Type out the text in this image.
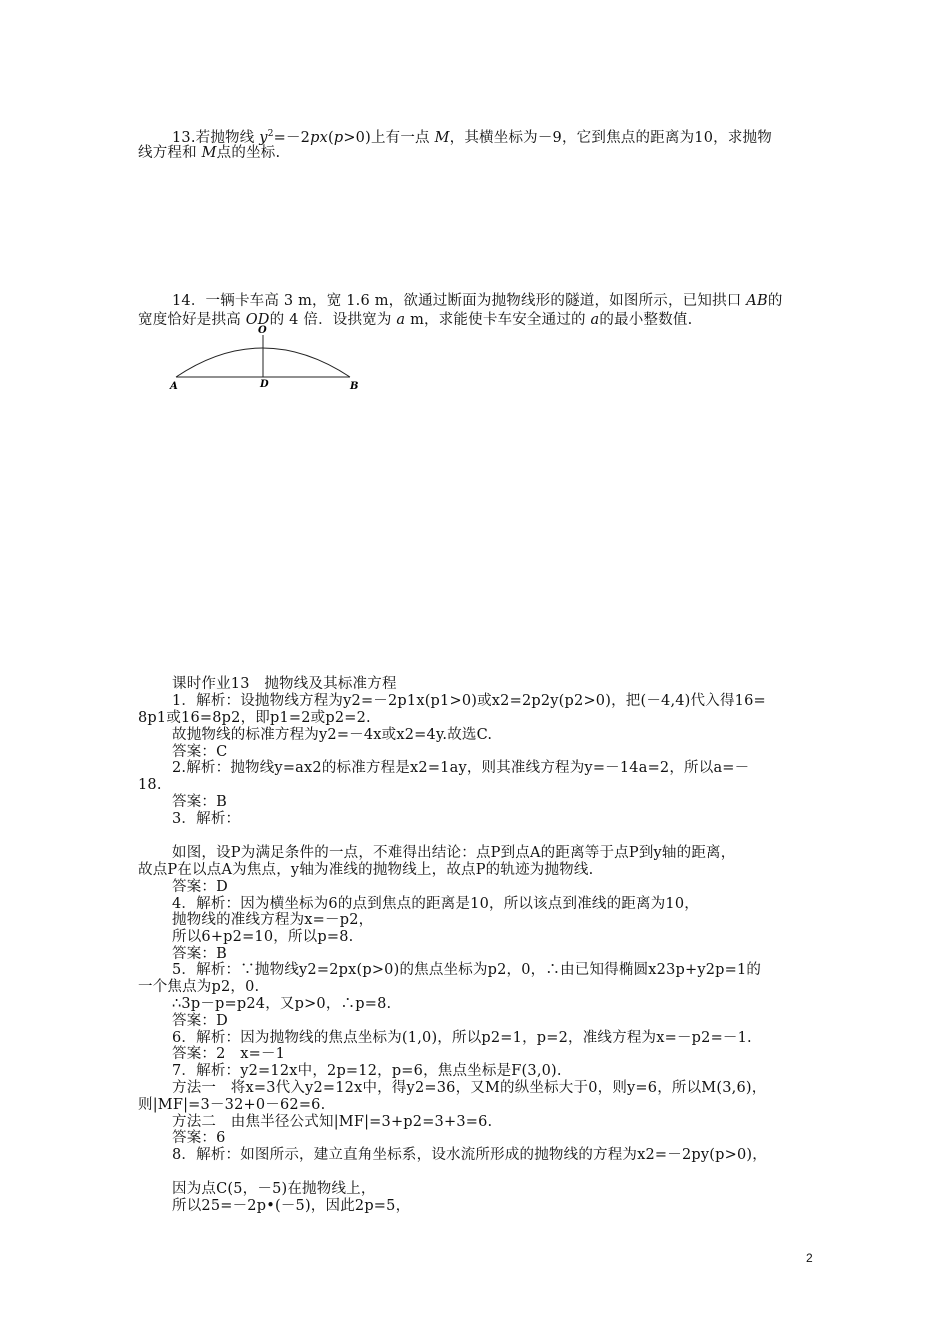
13.若抛物线 $y^2=-2px(p>0)$上有一点 M，其横坐标为－9，它到焦点的距离为10，求抛物
线方程和 M点的坐标.
14．一辆卡车高 3 m，宽 1.6 m，欲通过断面为抛物线形的隧道，如图所示，已知拱口 AB的
宽度恰好是拱高 OD的 4 倍．设拱宽为 a m，求能使卡车安全通过的 a的最小整数值.
O
A	D	B
课时作业13　抛物线及其标准方程
1．解析：设抛物线方程为y2=－2p1x(p1>0)或x2=2p2y(p2>0)，把(－4,4)代入得16=
8p1或16=8p2，即p1=2或p2=2.
故抛物线的标准方程为y2=－4x或x2=4y.故选C.
答案：C
2.解析：抛物线y=ax2的标准方程是x2=1ay，则其准线方程为y=－14a=2，所以a=－
18.
答案：B
3．解析：
如图，设P为满足条件的一点，不难得出结论：点P到点A的距离等于点P到y轴的距离，
故点P在以点A为焦点，y轴为准线的抛物线上，故点P的轨迹为抛物线.
答案：D
4．解析：因为横坐标为6的点到焦点的距离是10，所以该点到准线的距离为10，
抛物线的准线方程为x=－p2，
所以6+p2=10，所以p=8.
答案：B
5．解析：∵抛物线y2=2px(p>0)的焦点坐标为p2，0，∴由已知得椭圆x23p+y2p=1的
一个焦点为p2，0.
∴3p－p=p24，又p>0，∴p=8.
答案：D
6．解析：因为抛物线的焦点坐标为(1,0)，所以p2=1，p=2，准线方程为x=－p2=－1.
答案：2　x=－1
7．解析：y2=12x中，2p=12，p=6，焦点坐标是F(3,0).
方法一　将x=3代入y2=12x中，得y2=36，又M的纵坐标大于0，则y=6，所以M(3,6)，
则|MF|=3－32+0－62=6.
方法二　由焦半径公式知|MF|=3+p2=3+3=6.
答案：6
8．解析：如图所示，建立直角坐标系，设水流所形成的抛物线的方程为x2=－2py(p>0)，
因为点C(5，－5)在抛物线上，
所以25=－2p•(－5)，因此2p=5，
2
